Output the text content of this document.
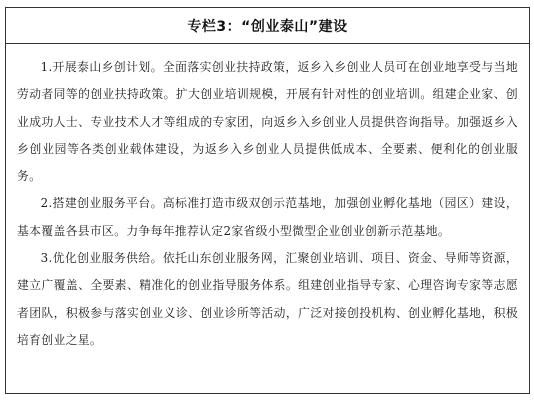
专栏3：“创业泰山”建设

1.开展泰山乡创计划。全面落实创业扶持政策，返乡入乡创业人员可在创业地享受与当地劳动者同等的创业扶持政策。扩大创业培训规模，开展有针对性的创业培训。组建企业家、创业成功人士、专业技术人才等组成的专家团，向返乡入乡创业人员提供咨询指导。加强返乡入乡创业园等各类创业载体建设，为返乡入乡创业人员提供低成本、全要素、便利化的创业服务。

2.搭建创业服务平台。高标准打造市级双创示范基地，加强创业孵化基地（园区）建设，基本覆盖各县市区。力争每年推荐认定2家省级小型微型企业创业创新示范基地。

3.优化创业服务供给。依托山东创业服务网，汇聚创业培训、项目、资金、导师等资源，建立广覆盖、全要素、精准化的创业指导服务体系。组建创业指导专家、心理咨询专家等志愿者团队，积极参与落实创业义诊、创业诊所等活动，广泛对接创投机构、创业孵化基地，积极培育创业之星。
